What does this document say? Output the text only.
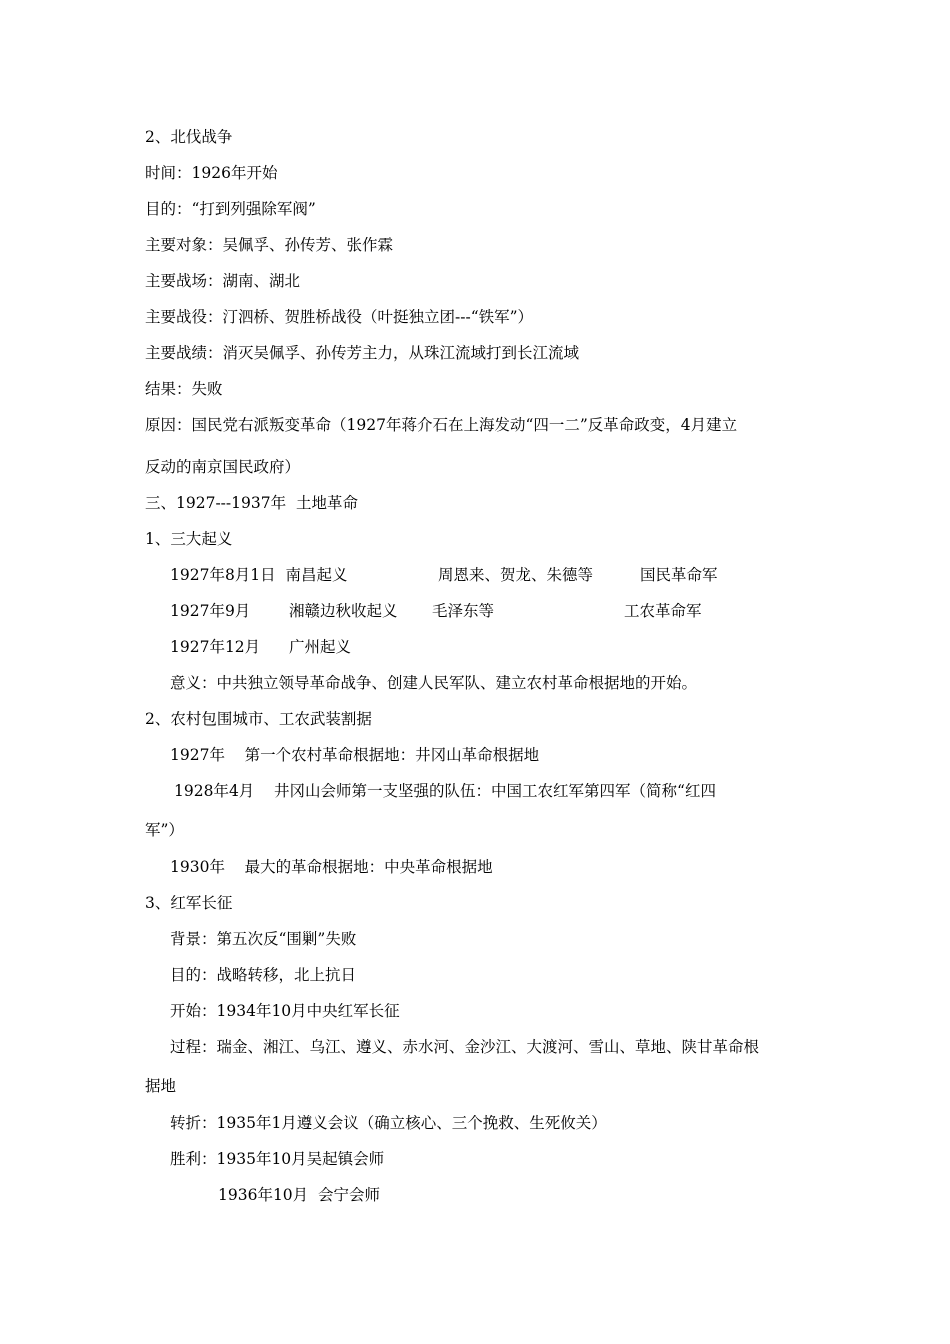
2、北伐战争
时间：1926年开始
目的：“打到列强除军阀”
主要对象：吴佩孚、孙传芳、张作霖
主要战场：湖南、湖北
主要战役：汀泗桥、贺胜桥战役（叶挺独立团---“铁军”）
主要战绩：消灭吴佩孚、孙传芳主力，从珠江流域打到长江流域
结果：失败
原因：国民党右派叛变革命（1927年蒋介石在上海发动“四一二”反革命政变，4月建立
反动的南京国民政府）
三、1927---1937年  土地革命
1、三大起义
1927年8月1日  南昌起义	周恩来、贺龙、朱德等	国民革命军
1927年9月 湘赣边秋收起义 毛泽东等	工农革命军
1927年12月 广州起义
意义：中共独立领导革命战争、创建人民军队、建立农村革命根据地的开始。
2、农村包围城市、工农武装割据
1927年    第一个农村革命根据地：井冈山革命根据地
1928年4月    井冈山会师第一支坚强的队伍：中国工农红军第四军（简称“红四
军”）
1930年    最大的革命根据地：中央革命根据地
3、红军长征
背景：第五次反“围剿”失败
目的：战略转移，北上抗日
开始：1934年10月中央红军长征
过程：瑞金、湘江、乌江、遵义、赤水河、金沙江、大渡河、雪山、草地、陕甘革命根
据地
转折：1935年1月遵义会议（确立核心、三个挽救、生死攸关）
胜利：1935年10月吴起镇会师
1936年10月  会宁会师
